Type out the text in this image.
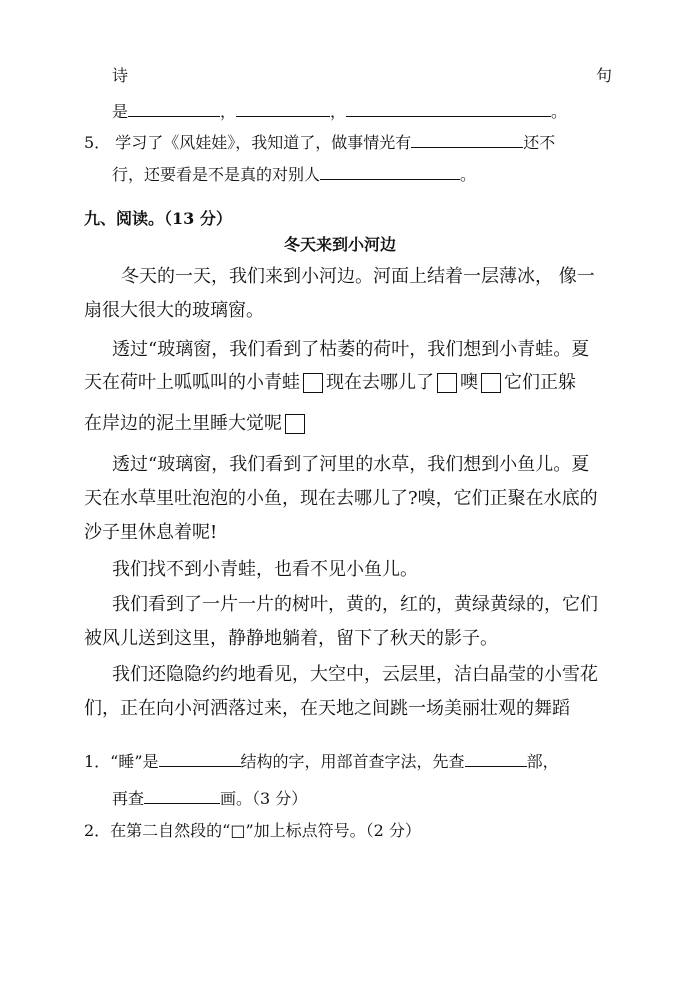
诗	句
是	，	，	。
5． 学习了《风娃娃》，我知道了，做事情光有	还不
行，还要看是不是真的对别人	。
九、阅读。（13 分）
冬天来到小河边
冬天的一天，我们来到小河边。河面上结着一层薄冰， 像一
扇很大很大的玻璃窗。
透过“玻璃窗，我们看到了枯萎的荷叶，我们想到小青蛙。夏
天在荷叶上呱呱叫的小青蛙 现在去哪儿了 噢 它们正躲
在岸边的泥土里睡大觉呢
透过“玻璃窗，我们看到了河里的水草，我们想到小鱼儿。夏
天在水草里吐泡泡的小鱼，现在去哪儿了?嗅，它们正聚在水底的
沙子里休息着呢!
我们找不到小青蛙，也看不见小鱼儿。
我们看到了一片一片的树叶，黄的，红的，黄绿黄绿的，它们
被风儿送到这里，静静地躺着，留下了秋天的影子。
我们还隐隐约约地看见，大空中，云层里，洁白晶莹的小雪花
们，正在向小河洒落过来，在天地之间跳一场美丽壮观的舞蹈
1．“睡”是	结构的字，用部首查字法，先查	部，
再查	画。（3 分）
2．在第二自然段的“□”加上标点符号。（2 分）
